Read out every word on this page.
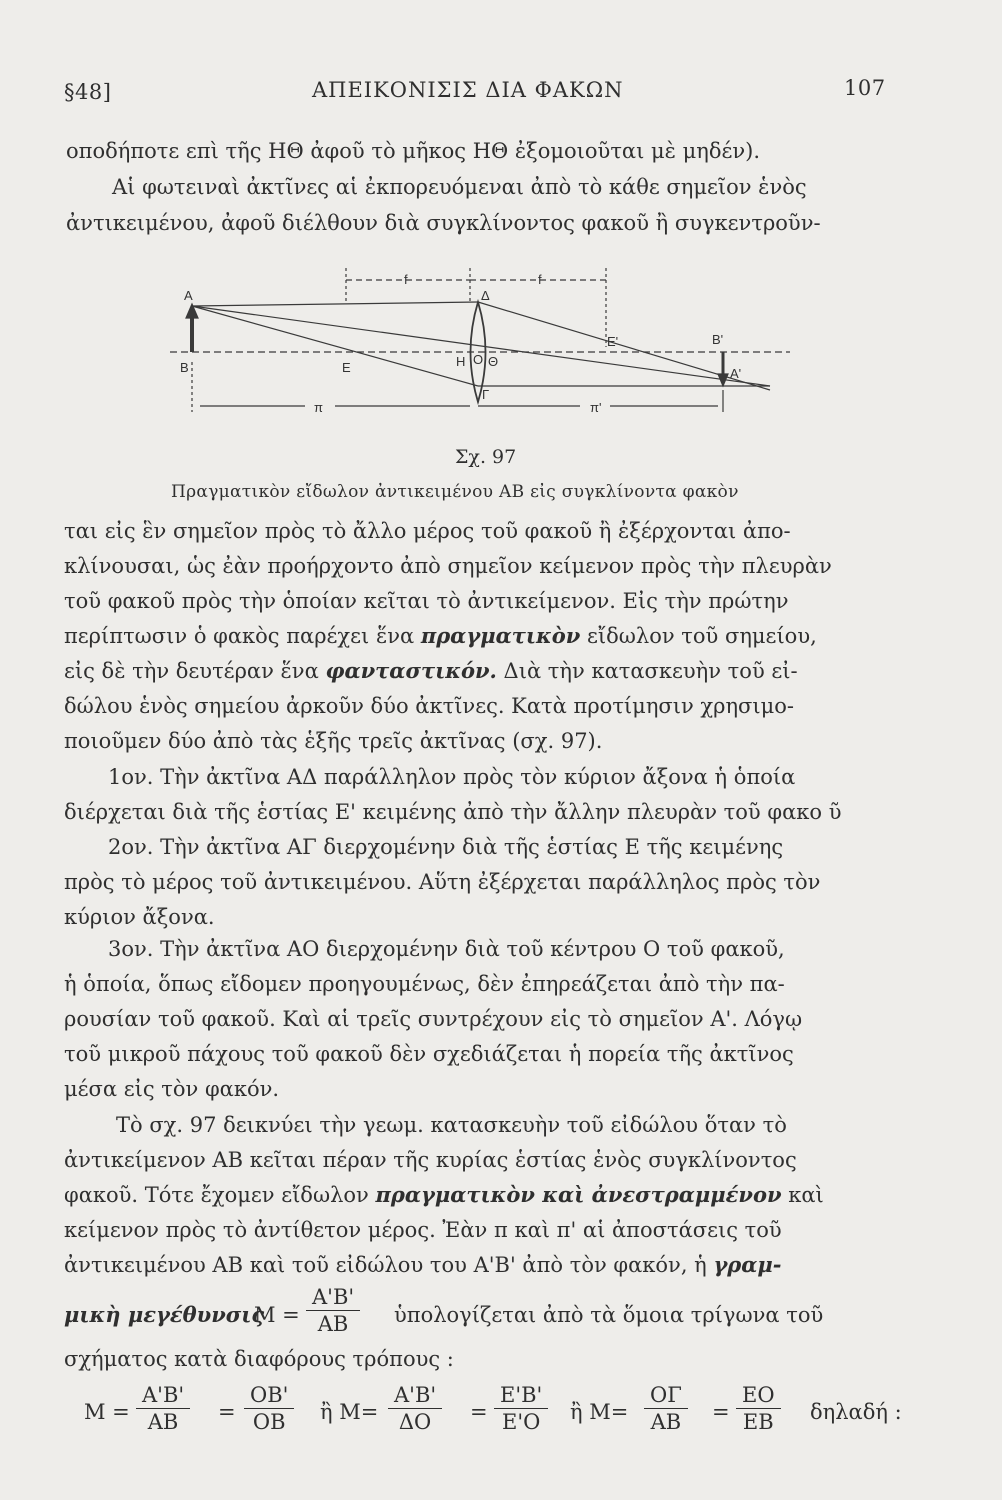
§48]	ΑΠΕΙΚΟΝΙΣΙΣ ΔΙΑ ΦΑΚΩΝ	107
οποδήποτε επὶ τῆς ΗΘ ἀφοῦ τὸ μῆκος ΗΘ ἐξομοιοῦται μὲ μηδέν).
Αἱ φωτειναὶ ἀκτῖνες αἱ ἐκπορευόμεναι ἀπὸ τὸ κάθε σημεῖον ἑνὸς
ἀντικειμένου, ἀφοῦ διέλθουν διὰ συγκλίνοντος φακοῦ ἢ συγκεντροῦν-
A
B	E	H O Θ
Δ
Γ
E'	B'
A'
f	f
π	π'
Σχ. 97
Πραγματικὸν εἴδωλον ἀντικειμένου ΑΒ εἰς συγκλίνοντα φακὸν
ται εἰς ἓν σημεῖον πρὸς τὸ ἄλλο μέρος τοῦ φακοῦ ἢ ἐξέρχονται ἀπο-
κλίνουσαι, ὡς ἐὰν προήρχοντο ἀπὸ σημεῖον κείμενον πρὸς τὴν πλευρὰν
τοῦ φακοῦ πρὸς τὴν ὁποίαν κεῖται τὸ ἀντικείμενον. Εἰς τὴν πρώτην
περίπτωσιν ὁ φακὸς παρέχει ἕνα πραγματικὸν εἴδωλον τοῦ σημείου,
εἰς δὲ τὴν δευτέραν ἕνα φανταστικόν. Διὰ τὴν κατασκευὴν τοῦ εἰ-
δώλου ἑνὸς σημείου ἀρκοῦν δύο ἀκτῖνες. Κατὰ προτίμησιν χρησιμο-
ποιοῦμεν δύο ἀπὸ τὰς ἑξῆς τρεῖς ἀκτῖνας (σχ. 97).
1ον. Τὴν ἀκτῖνα ΑΔ παράλληλον πρὸς τὸν κύριον ἄξονα ἡ ὁποία
διέρχεται διὰ τῆς ἑστίας Ε' κειμένης ἀπὸ τὴν ἄλλην πλευρὰν τοῦ φακο ῦ
2ον. Τὴν ἀκτῖνα ΑΓ διερχομένην διὰ τῆς ἑστίας Ε τῆς κειμένης
πρὸς τὸ μέρος τοῦ ἀντικειμένου. Αὕτη ἐξέρχεται παράλληλος πρὸς τὸν
κύριον ἄξονα.
3ον. Τὴν ἀκτῖνα ΑΟ διερχομένην διὰ τοῦ κέντρου Ο τοῦ φακοῦ,
ἡ ὁποία, ὅπως εἴδομεν προηγουμένως, δὲν ἐπηρεάζεται ἀπὸ τὴν πα-
ρουσίαν τοῦ φακοῦ. Καὶ αἱ τρεῖς συντρέχουν εἰς τὸ σημεῖον Α'. Λόγῳ
τοῦ μικροῦ πάχους τοῦ φακοῦ δὲν σχεδιάζεται ἡ πορεία τῆς ἀκτῖνος
μέσα εἰς τὸν φακόν.
Τὸ σχ. 97 δεικνύει τὴν γεωμ. κατασκευὴν τοῦ εἰδώλου ὅταν τὸ
ἀντικείμενον ΑΒ κεῖται πέραν τῆς κυρίας ἑστίας ἑνὸς συγκλίνοντος
φακοῦ. Τότε ἔχομεν εἴδωλον πραγματικὸν καὶ ἀνεστραμμένον καὶ
κείμενον πρὸς τὸ ἀντίθετον μέρος. Ἐὰν π καὶ π' αἱ ἀποστάσεις τοῦ
ἀντικειμένου ΑΒ καὶ τοῦ εἰδώλου του Α'Β' ἀπὸ τὸν φακόν, ἡ γραμ-
μικὴ μεγέθυνσις
$M = \frac{A'B'}{AB}$ ὑπολογίζεται ἀπὸ τὰ ὅμοια τρίγωνα τοῦ
σχήματος κατὰ διαφόρους τρόπους :
$M = \frac{A'B'}{AB} = \frac{OB'}{OB}$ ἢ $M= \frac{A'B'}{\Delta O} = \frac{E'B'}{E'O}$ ἢ $M= \frac{O\Gamma}{AB} = \frac{EO}{EB}$ δηλαδή :
